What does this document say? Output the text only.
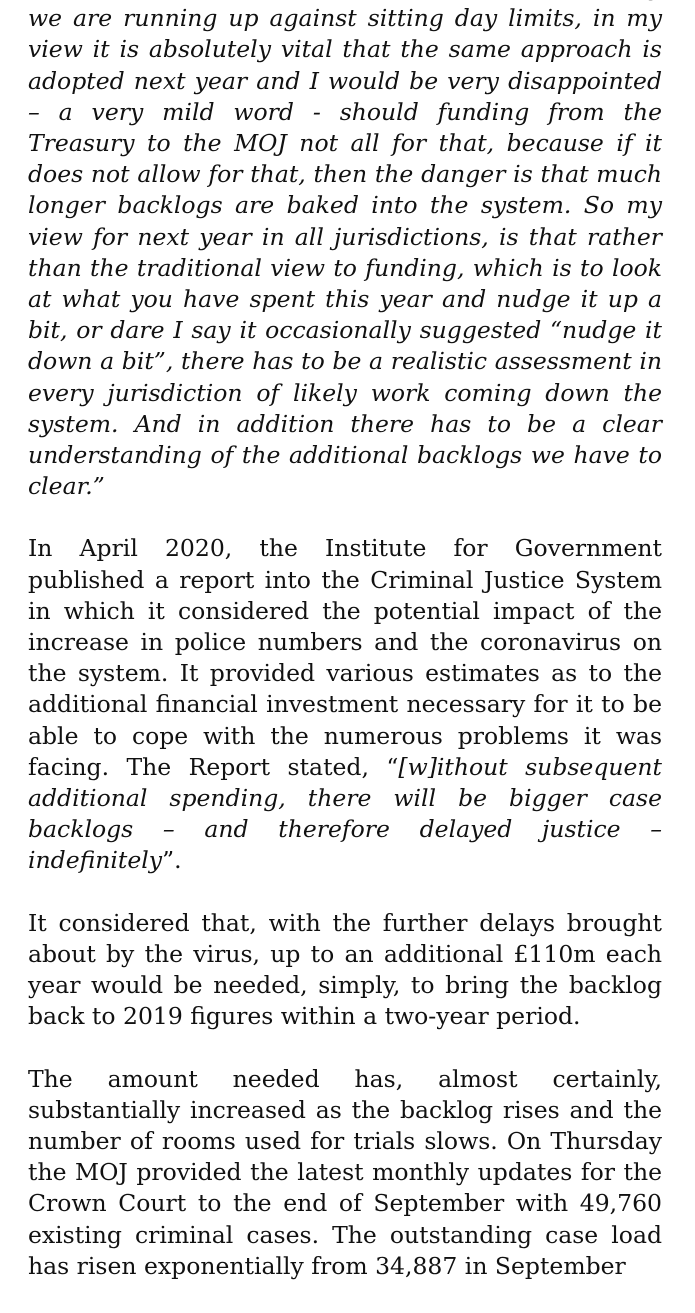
we are running up against sitting day limits, in my view it is absolutely vital that the same approach is adopted next year and I would be very disappointed – a very mild word - should funding from the Treasury to the MOJ not all for that, because if it does not allow for that, then the danger is that much longer backlogs are baked into the system. So my view for next year in all jurisdictions, is that rather than the traditional view to funding, which is to look at what you have spent this year and nudge it up a bit, or dare I say it occasionally suggested “nudge it down a bit”, there has to be a realistic assessment in every jurisdiction of likely work coming down the system. And in addition there has to be a clear understanding of the additional backlogs we have to clear.”

In April 2020, the Institute for Government published a report into the Criminal Justice System in which it considered the potential impact of the increase in police numbers and the coronavirus on the system. It provided various estimates as to the additional financial investment necessary for it to be able to cope with the numerous problems it was facing. The Report stated, “[w]ithout subsequent additional spending, there will be bigger case backlogs – and therefore delayed justice – indefinitely”.

It considered that, with the further delays brought about by the virus, up to an additional £110m each year would be needed, simply, to bring the backlog back to 2019 figures within a two-year period.

The amount needed has, almost certainly, substantially increased as the backlog rises and the number of rooms used for trials slows. On Thursday the MOJ provided the latest monthly updates for the Crown Court to the end of September with 49,760 existing criminal cases. The outstanding case load has risen exponentially from 34,887 in September
